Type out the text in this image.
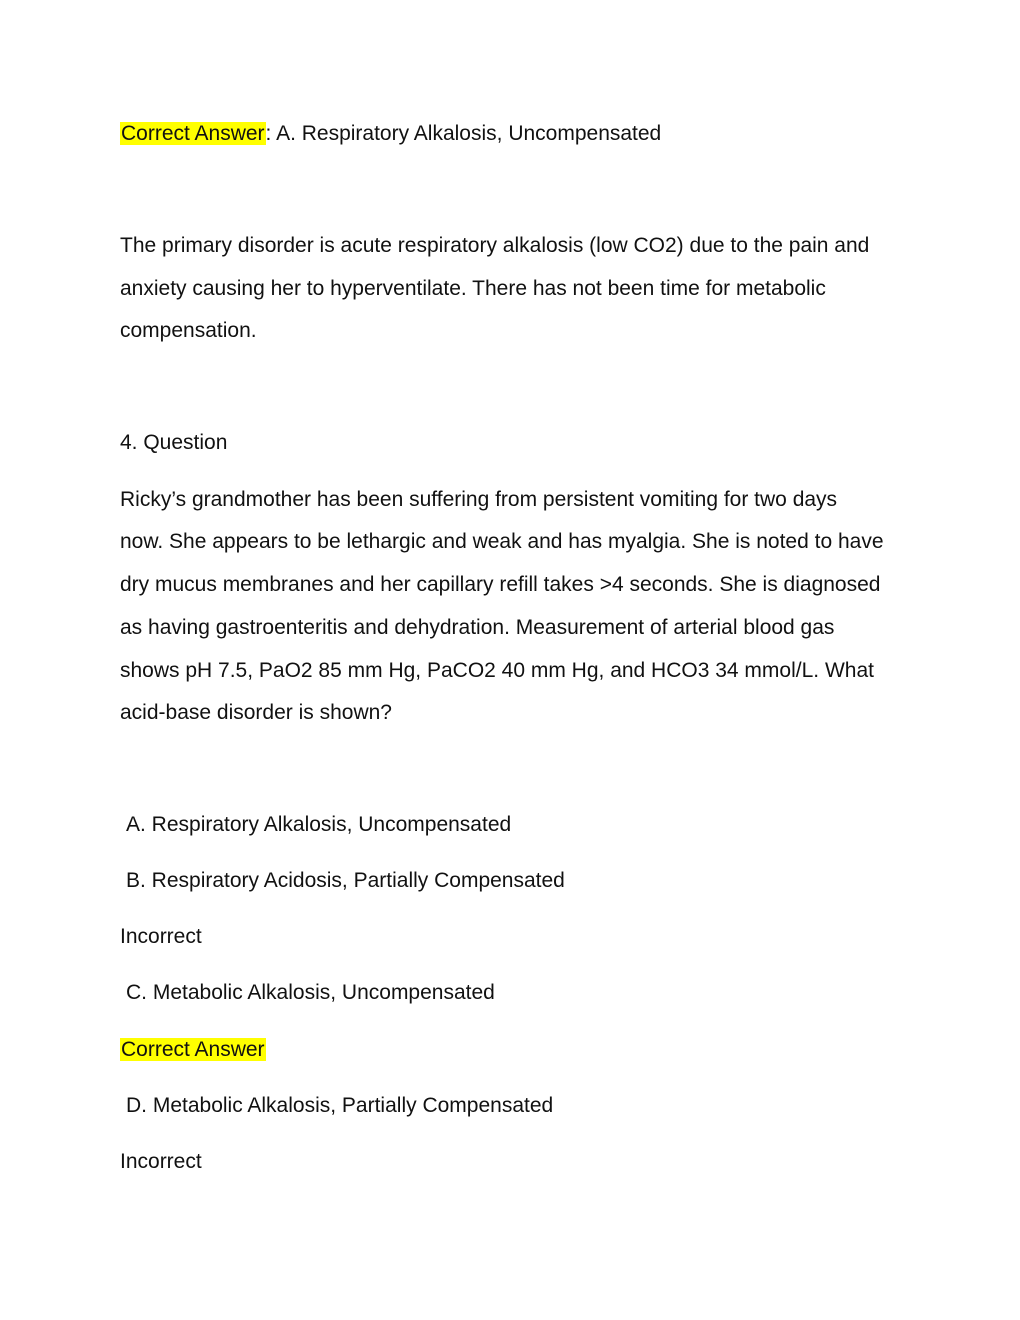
Correct Answer: A. Respiratory Alkalosis, Uncompensated
The primary disorder is acute respiratory alkalosis (low CO2) due to the pain and
anxiety causing her to hyperventilate. There has not been time for metabolic
compensation.
4. Question
Ricky’s grandmother has been suffering from persistent vomiting for two days
now. She appears to be lethargic and weak and has myalgia. She is noted to have
dry mucus membranes and her capillary refill takes >4 seconds. She is diagnosed
as having gastroenteritis and dehydration. Measurement of arterial blood gas
shows pH 7.5, PaO2 85 mm Hg, PaCO2 40 mm Hg, and HCO3 34 mmol/L. What
acid-base disorder is shown?
A. Respiratory Alkalosis, Uncompensated
B. Respiratory Acidosis, Partially Compensated
Incorrect
C. Metabolic Alkalosis, Uncompensated
Correct Answer
D. Metabolic Alkalosis, Partially Compensated
Incorrect
